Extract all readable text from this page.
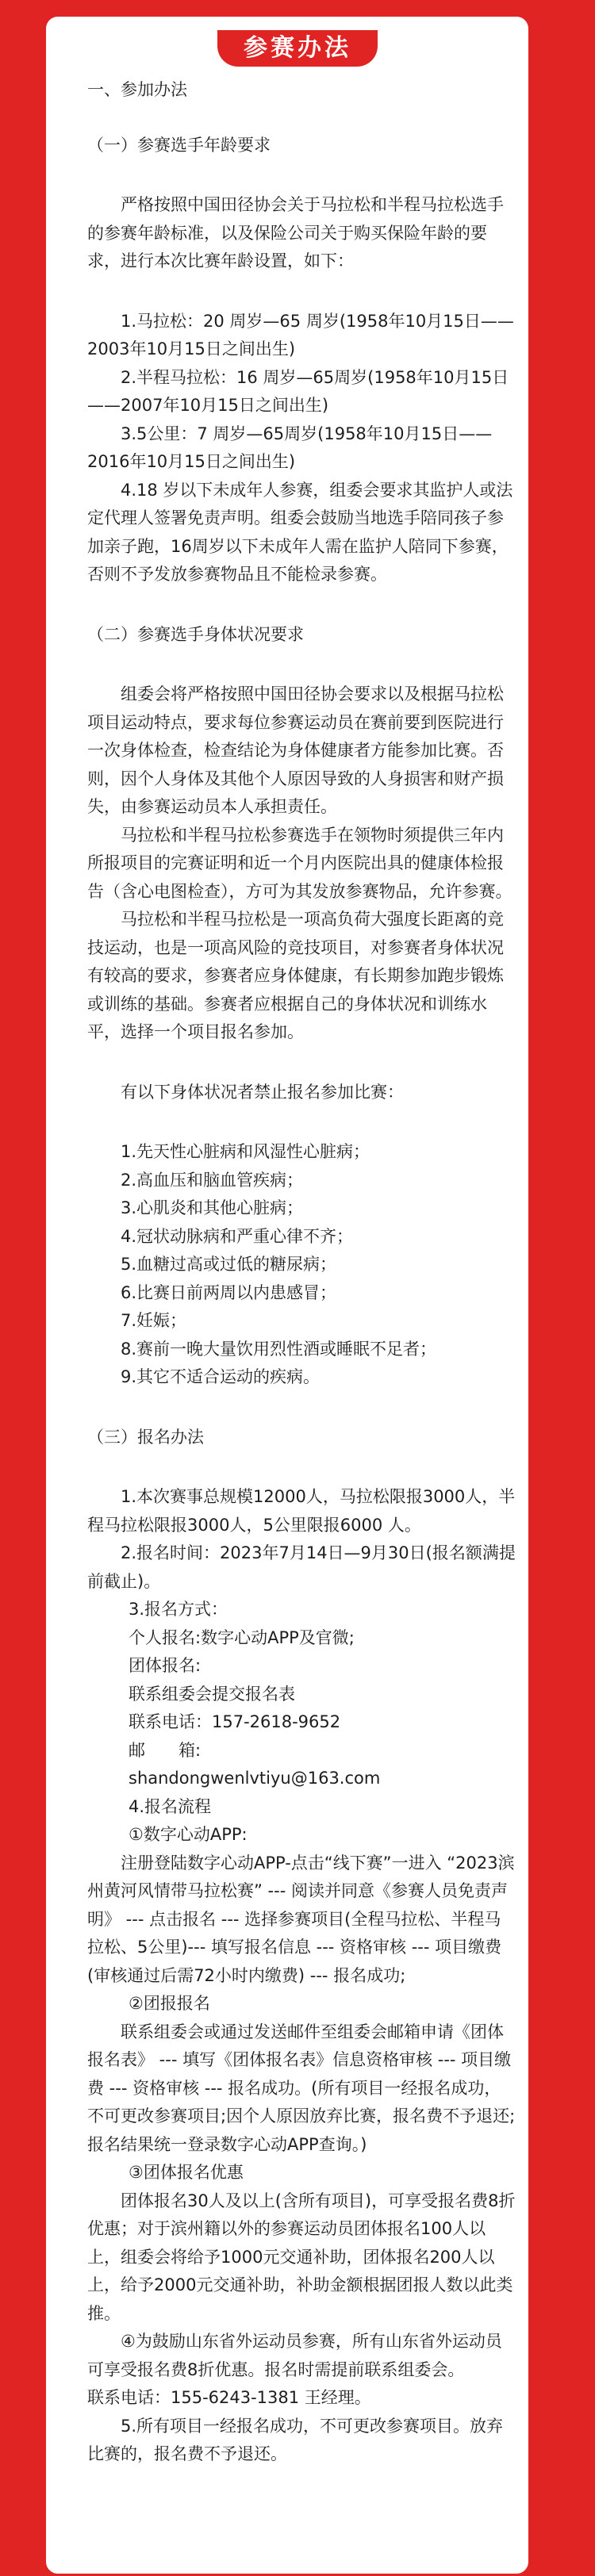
参赛办法

一、参加办法

（一）参赛选手年龄要求

严格按照中国田径协会关于马拉松和半程马拉松选手的参赛年龄标准，以及保险公司关于购买保险年龄的要求，进行本次比赛年龄设置，如下：

1.马拉松：20 周岁—65 周岁(1958年10月15日——2003年10月15日之间出生)

2.半程马拉松：16 周岁—65周岁(1958年10月15日——2007年10月15日之间出生)

3.5公里：7 周岁—65周岁(1958年10月15日——2016年10月15日之间出生)

4.18 岁以下未成年人参赛，组委会要求其监护人或法定代理人签署免责声明。组委会鼓励当地选手陪同孩子参加亲子跑，16周岁以下未成年人需在监护人陪同下参赛，否则不予发放参赛物品且不能检录参赛。

（二）参赛选手身体状况要求

组委会将严格按照中国田径协会要求以及根据马拉松项目运动特点，要求每位参赛运动员在赛前要到医院进行一次身体检查，检查结论为身体健康者方能参加比赛。否则，因个人身体及其他个人原因导致的人身损害和财产损失，由参赛运动员本人承担责任。

马拉松和半程马拉松参赛选手在领物时须提供三年内所报项目的完赛证明和近一个月内医院出具的健康体检报告（含心电图检查），方可为其发放参赛物品，允许参赛。

马拉松和半程马拉松是一项高负荷大强度长距离的竞技运动，也是一项高风险的竞技项目，对参赛者身体状况有较高的要求，参赛者应身体健康，有长期参加跑步锻炼或训练的基础。参赛者应根据自己的身体状况和训练水平，选择一个项目报名参加。

有以下身体状况者禁止报名参加比赛：

1.先天性心脏病和风湿性心脏病；

2.高血压和脑血管疾病；

3.心肌炎和其他心脏病；

4.冠状动脉病和严重心律不齐；

5.血糖过高或过低的糖尿病；

6.比赛日前两周以内患感冒；

7.妊娠；

8.赛前一晚大量饮用烈性酒或睡眠不足者；

9.其它不适合运动的疾病。

（三）报名办法

1.本次赛事总规模12000人，马拉松限报3000人，半程马拉松限报3000人，5公里限报6000 人。

2.报名时间：2023年7月14日—9月30日(报名额满提前截止)。

3.报名方式：

个人报名:数字心动APP及官微;

团体报名:

联系组委会提交报名表

联系电话：157-2618-9652

邮　　箱:

shandongwenlvtiyu@163.com

4.报名流程

①数字心动APP:

注册登陆数字心动APP-点击“线下赛”一进入 “2023滨州黄河风情带马拉松赛” --- 阅读并同意《参赛人员免责声明》 --- 点击报名 --- 选择参赛项目(全程马拉松、半程马拉松、5公里)--- 填写报名信息 --- 资格审核 --- 项目缴费(审核通过后需72小时内缴费) --- 报名成功;

②团报报名

联系组委会或通过发送邮件至组委会邮箱申请《团体报名表》 --- 填写《团体报名表》信息资格审核 --- 项目缴费 --- 资格审核 --- 报名成功。(所有项目一经报名成功，不可更改参赛项目;因个人原因放弃比赛，报名费不予退还;报名结果统一登录数字心动APP查询。)

③团体报名优惠

团体报名30人及以上(含所有项目)，可享受报名费8折优惠；对于滨州籍以外的参赛运动员团体报名100人以上，组委会将给予1000元交通补助，团体报名200人以上，给予2000元交通补助，补助金额根据团报人数以此类推。

④为鼓励山东省外运动员参赛，所有山东省外运动员可享受报名费8折优惠。报名时需提前联系组委会。

联系电话：155-6243-1381 王经理。

5.所有项目一经报名成功，不可更改参赛项目。放弃比赛的，报名费不予退还。
